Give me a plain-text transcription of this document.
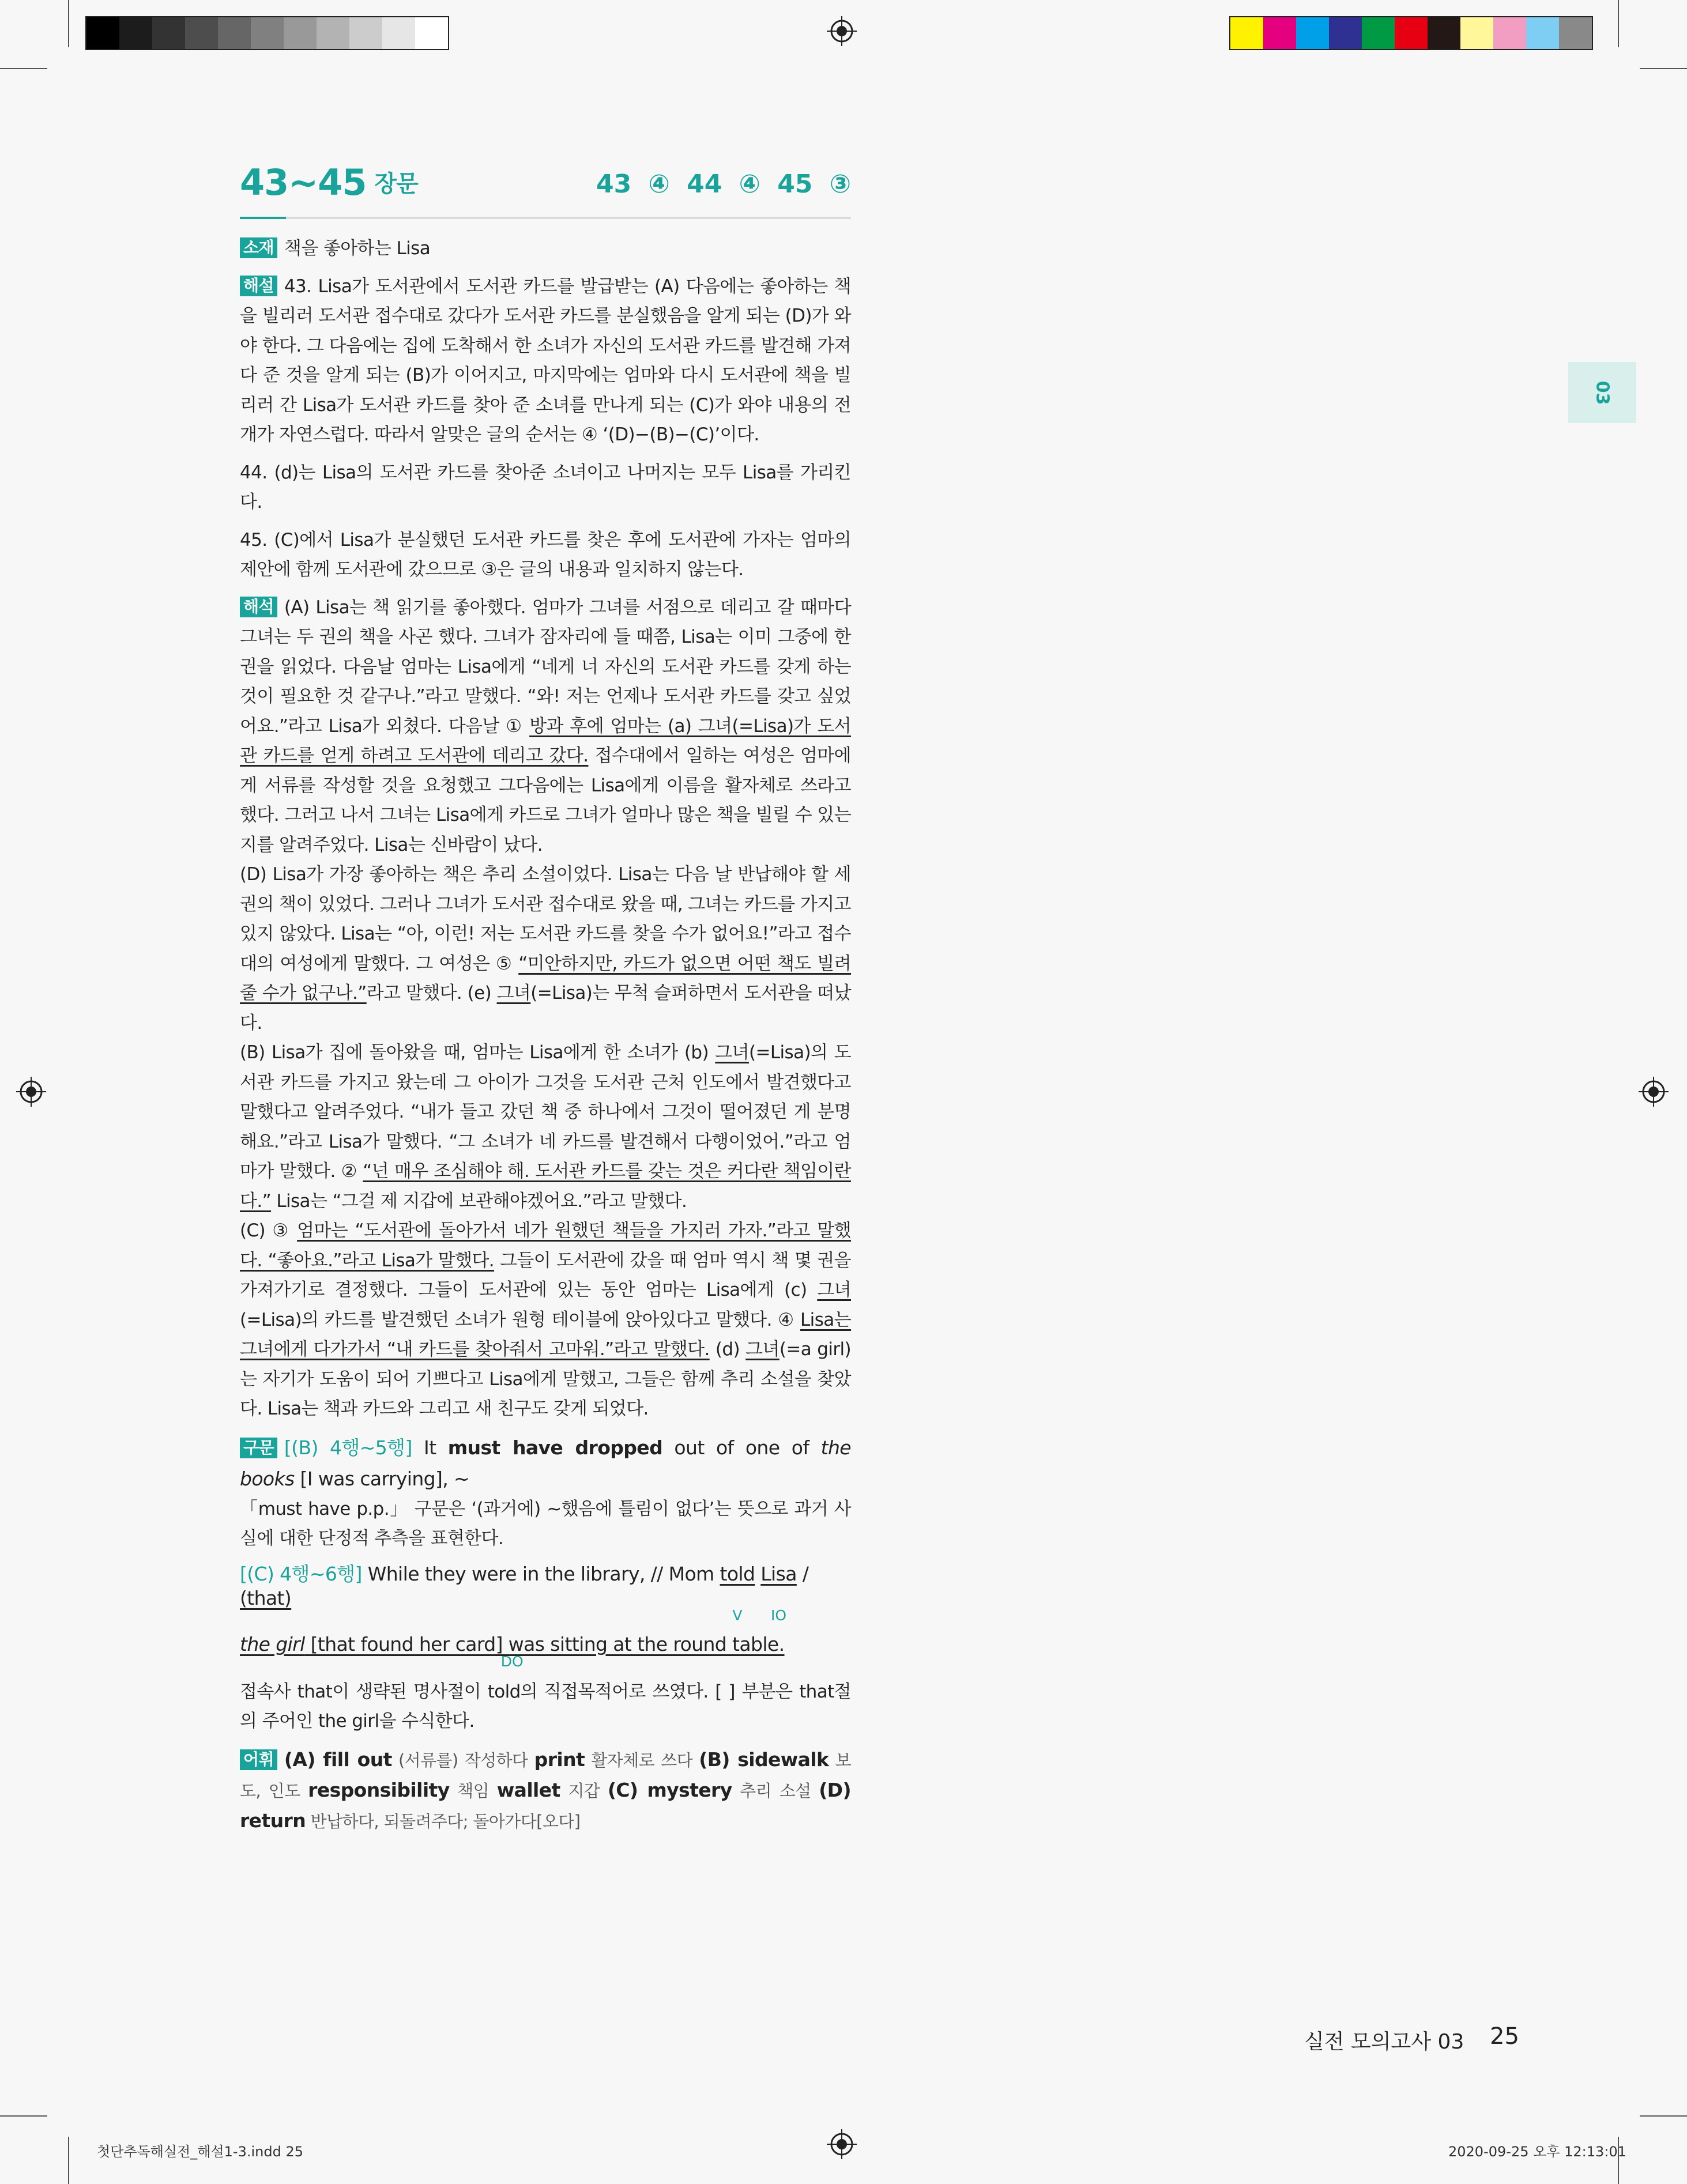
03
43∼45 장문	43 ④ 44 ④ 45 ③

소재 책을 좋아하는 Lisa

해설 43. Lisa가 도서관에서 도서관 카드를 발급받는 (A) 다음에는 좋아하는 책을 빌리러 도서관 접수대로 갔다가 도서관 카드를 분실했음을 알게 되는 (D)가 와야 한다. 그 다음에는 집에 도착해서 한 소녀가 자신의 도서관 카드를 발견해 가져다 준 것을 알게 되는 (B)가 이어지고, 마지막에는 엄마와 다시 도서관에 책을 빌리러 간 Lisa가 도서관 카드를 찾아 준 소녀를 만나게 되는 (C)가 와야 내용의 전개가 자연스럽다. 따라서 알맞은 글의 순서는 ④ ‘(D)−(B)−(C)’이다.

44. (d)는 Lisa의 도서관 카드를 찾아준 소녀이고 나머지는 모두 Lisa를 가리킨다.

45. (C)에서 Lisa가 분실했던 도서관 카드를 찾은 후에 도서관에 가자는 엄마의 제안에 함께 도서관에 갔으므로 ③은 글의 내용과 일치하지 않는다.

해석 (A) Lisa는 책 읽기를 좋아했다. 엄마가 그녀를 서점으로 데리고 갈 때마다 그녀는 두 권의 책을 사곤 했다. 그녀가 잠자리에 들 때쯤, Lisa는 이미 그중에 한 권을 읽었다. 다음날 엄마는 Lisa에게 “네게 너 자신의 도서관 카드를 갖게 하는 것이 필요한 것 같구나.”라고 말했다. “와! 저는 언제나 도서관 카드를 갖고 싶었어요.”라고 Lisa가 외쳤다. 다음날 ① 방과 후에 엄마는 (a) 그녀(=Lisa)가 도서관 카드를 얻게 하려고 도서관에 데리고 갔다. 접수대에서 일하는 여성은 엄마에게 서류를 작성할 것을 요청했고 그다음에는 Lisa에게 이름을 활자체로 쓰라고 했다. 그러고 나서 그녀는 Lisa에게 카드로 그녀가 얼마나 많은 책을 빌릴 수 있는지를 알려주었다. Lisa는 신바람이 났다.

(D) Lisa가 가장 좋아하는 책은 추리 소설이었다. Lisa는 다음 날 반납해야 할 세 권의 책이 있었다. 그러나 그녀가 도서관 접수대로 왔을 때, 그녀는 카드를 가지고 있지 않았다. Lisa는 “아, 이런! 저는 도서관 카드를 찾을 수가 없어요!”라고 접수대의 여성에게 말했다. 그 여성은 ⑤ “미안하지만, 카드가 없으면 어떤 책도 빌려줄 수가 없구나.”라고 말했다. (e) 그녀(=Lisa)는 무척 슬퍼하면서 도서관을 떠났다.

(B) Lisa가 집에 돌아왔을 때, 엄마는 Lisa에게 한 소녀가 (b) 그녀(=Lisa)의 도서관 카드를 가지고 왔는데 그 아이가 그것을 도서관 근처 인도에서 발견했다고 말했다고 알려주었다. “내가 들고 갔던 책 중 하나에서 그것이 떨어졌던 게 분명해요.”라고 Lisa가 말했다. “그 소녀가 네 카드를 발견해서 다행이었어.”라고 엄마가 말했다. ② “넌 매우 조심해야 해. 도서관 카드를 갖는 것은 커다란 책임이란다.” Lisa는 “그걸 제 지갑에 보관해야겠어요.”라고 말했다.

(C) ③ 엄마는 “도서관에 돌아가서 네가 원했던 책들을 가지러 가자.”라고 말했다. “좋아요.”라고 Lisa가 말했다. 그들이 도서관에 갔을 때 엄마 역시 책 몇 권을 가져가기로 결정했다. 그들이 도서관에 있는 동안 엄마는 Lisa에게 (c) 그녀(=Lisa)의 카드를 발견했던 소녀가 원형 테이블에 앉아있다고 말했다. ④ Lisa는 그녀에게 다가가서 “내 카드를 찾아줘서 고마워.”라고 말했다. (d) 그녀(=a girl)는 자기가 도움이 되어 기쁘다고 Lisa에게 말했고, 그들은 함께 추리 소설을 찾았다. Lisa는 책과 카드와 그리고 새 친구도 갖게 되었다.

구문 [(B) 4행∼5행] It must have dropped out of one of the books [I was carrying], ~

「must have p.p.」 구문은 ‘(과거에) ∼했음에 틀림이 없다’는 뜻으로 과거 사실에 대한 단정적 추측을 표현한다.

[(C) 4행∼6행] While they were in the library, // Mom told Lisa / (that)

V IO

the girl [that found her card] was sitting at the round table.

DO

접속사 that이 생략된 명사절이 told의 직접목적어로 쓰였다. [ ] 부분은 that절의 주어인 the girl을 수식한다.

어휘 (A) fill out (서류를) 작성하다 print 활자체로 쓰다 (B) sidewalk 보도, 인도 responsibility 책임 wallet 지갑 (C) mystery 추리 소설 (D) return 반납하다, 되돌려주다; 돌아가다[오다]

실전 모의고사 03 25
첫단추독해실전_해설1-3.indd 25	2020-09-25 오후 12:13:01
